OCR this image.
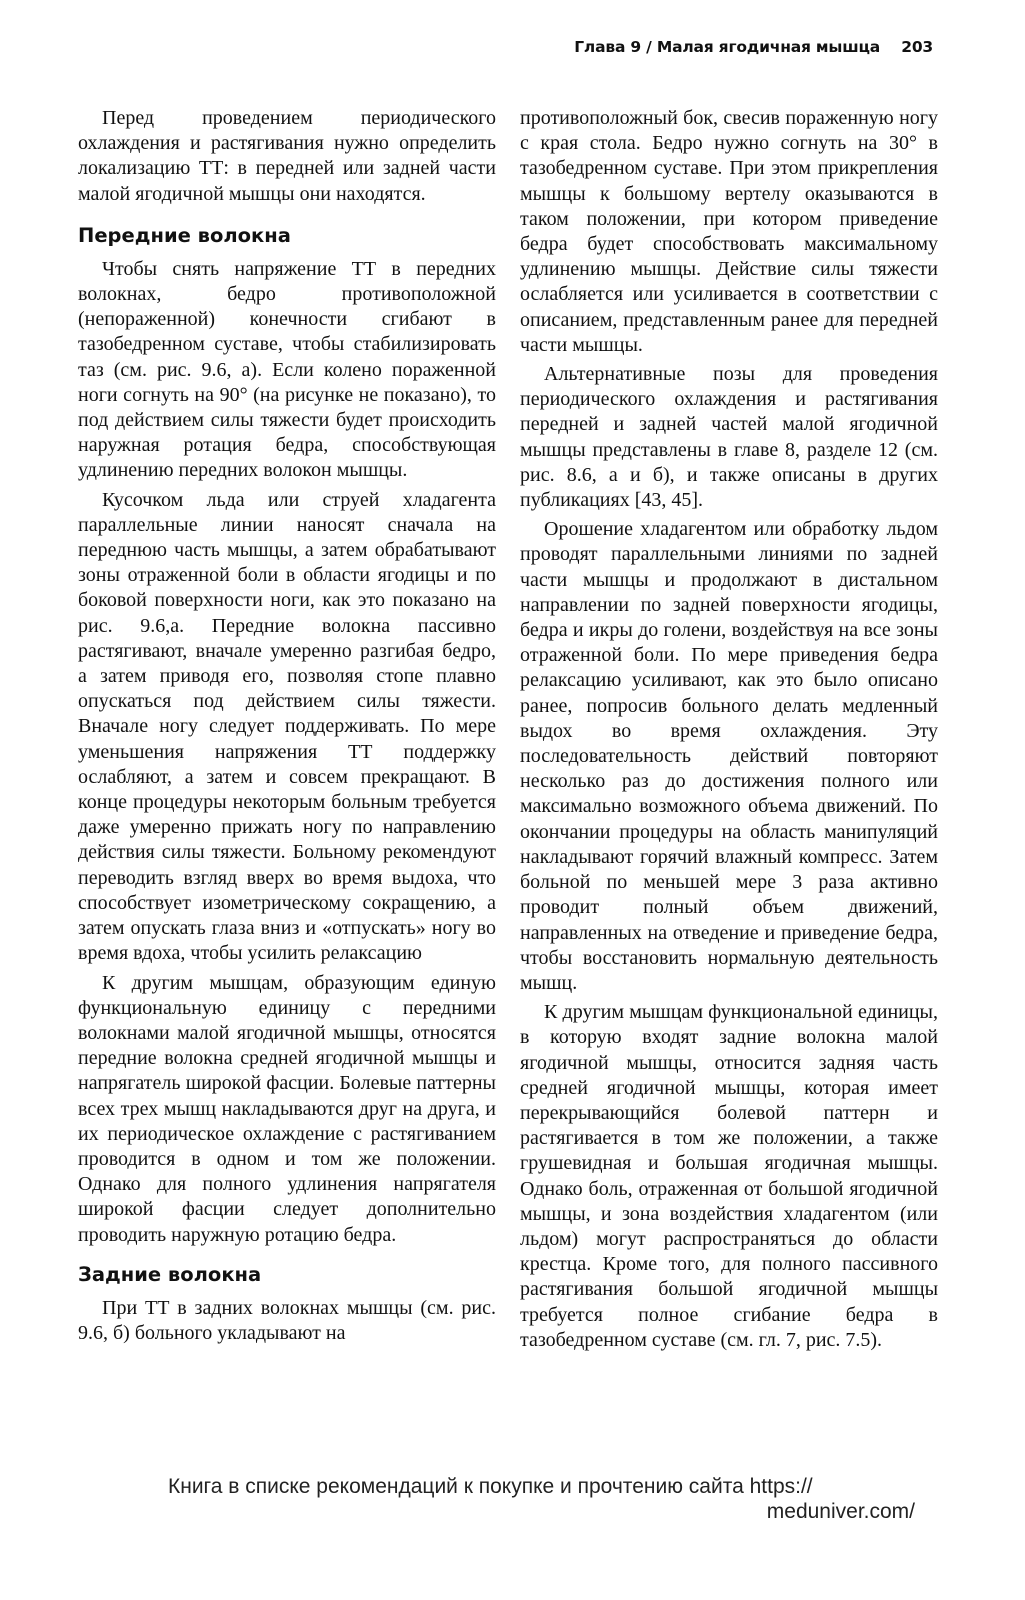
Глава 9 / Малая ягодичная мышца 203

Перед проведением периодического охлаждения и растягивания нужно определить локализацию ТТ: в передней или задней части малой ягодичной мышцы они находятся.

Передние волокна

Чтобы снять напряжение ТТ в передних волокнах, бедро противоположной (непораженной) конечности сгибают в тазобедренном суставе, чтобы стабилизировать таз (см. рис. 9.6, а). Если колено пораженной ноги согнуть на 90° (на рисунке не показано), то под действием силы тяжести будет происходить наружная ротация бедра, способствующая удлинению передних волокон мышцы.

Кусочком льда или струей хладагента параллельные линии наносят сначала на переднюю часть мышцы, а затем обрабатывают зоны отраженной боли в области ягодицы и по боковой поверхности ноги, как это показано на рис. 9.6,а. Передние волокна пассивно растягивают, вначале умеренно разгибая бедро, а затем приводя его, позволяя стопе плавно опускаться под действием силы тяжести. Вначале ногу следует поддерживать. По мере уменьшения напряжения ТТ поддержку ослабляют, а затем и совсем прекращают. В конце процедуры некоторым больным требуется даже умеренно прижать ногу по направлению действия силы тяжести. Больному рекомендуют переводить взгляд вверх во время выдоха, что способствует изометрическому сокращению, а затем опускать глаза вниз и «отпускать» ногу во время вдоха, чтобы усилить релаксацию

К другим мышцам, образующим единую функциональную единицу с передними волокнами малой ягодичной мышцы, относятся передние волокна средней ягодичной мышцы и напрягатель широкой фасции. Болевые паттерны всех трех мышц накладываются друг на друга, и их периодическое охлаждение с растягиванием проводится в одном и том же положении. Однако для полного удлинения напрягателя широкой фасции следует дополнительно проводить наружную ротацию бедра.

Задние волокна

При ТТ в задних волокнах мышцы (см. рис. 9.6, б) больного укладывают на

противоположный бок, свесив пораженную ногу с края стола. Бедро нужно согнуть на 30° в тазобедренном суставе. При этом прикрепления мышцы к большому вертелу оказываются в таком положении, при котором приведение бедра будет способствовать максимальному удлинению мышцы. Действие силы тяжести ослабляется или усиливается в соответствии с описанием, представленным ранее для передней части мышцы.

Альтернативные позы для проведения периодического охлаждения и растягивания передней и задней частей малой ягодичной мышцы представлены в главе 8, разделе 12 (см. рис. 8.6, а и б), и также описаны в других публикациях [43, 45].

Орошение хладагентом или обработку льдом проводят параллельными линиями по задней части мышцы и продолжают в дистальном направлении по задней поверхности ягодицы, бедра и икры до голени, воздействуя на все зоны отраженной боли. По мере приведения бедра релаксацию усиливают, как это было описано ранее, попросив больного делать медленный выдох во время охлаждения. Эту последовательность действий повторяют несколько раз до достижения полного или максимально возможного объема движений. По окончании процедуры на область манипуляций накладывают горячий влажный компресс. Затем больной по меньшей мере 3 раза активно проводит полный объем движений, направленных на отведение и приведение бедра, чтобы восстановить нормальную деятельность мышц.

К другим мышцам функциональной единицы, в которую входят задние волокна малой ягодичной мышцы, относится задняя часть средней ягодичной мышцы, которая имеет перекрывающийся болевой паттерн и растягивается в том же положении, а также грушевидная и большая ягодичная мышцы. Однако боль, отраженная от большой ягодичной мышцы, и зона воздействия хладагентом (или льдом) могут распространяться до области крестца. Кроме того, для полного пассивного растягивания большой ягодичной мышцы требуется полное сгибание бедра в тазобедренном суставе (см. гл. 7, рис. 7.5).

Книга в списке рекомендаций к покупке и прочтению сайта https://
meduniver.com/
